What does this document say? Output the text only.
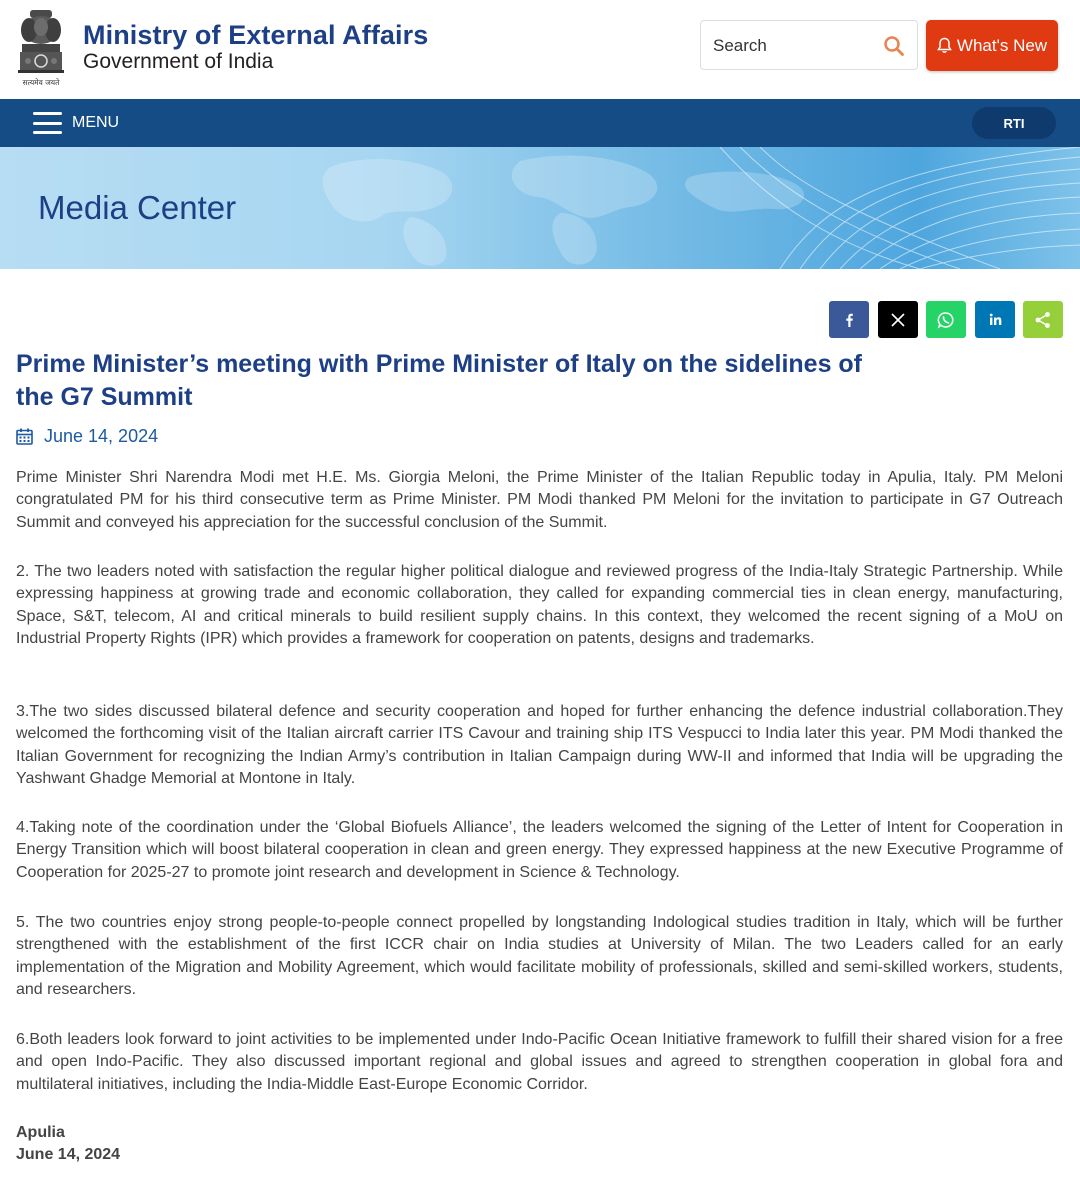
सत्यमेव जयते
Ministry of External Affairs
Government of India
Search
What's New
MENU	RTI
Media Center
Prime Minister’s meeting with Prime Minister of Italy on the sidelines of the G7 Summit
June 14, 2024

Prime Minister Shri Narendra Modi met H.E. Ms. Giorgia Meloni, the Prime Minister of the Italian Republic today in Apulia, Italy. PM Meloni congratulated PM for his third consecutive term as Prime Minister. PM Modi thanked PM Meloni for the invitation to participate in G7 Outreach Summit and conveyed his appreciation for the successful conclusion of the Summit.

2. The two leaders noted with satisfaction the regular higher political dialogue and reviewed progress of the India-Italy Strategic Partnership. While expressing happiness at growing trade and economic collaboration, they called for expanding commercial ties in clean energy, manufacturing, Space, S&T, telecom, AI and critical minerals to build resilient supply chains. In this context, they welcomed the recent signing of a MoU on Industrial Property Rights (IPR) which provides a framework for cooperation on patents, designs and trademarks.

3.The two sides discussed bilateral defence and security cooperation and hoped for further enhancing the defence industrial collaboration.They welcomed the forthcoming visit of the Italian aircraft carrier ITS Cavour and training ship ITS Vespucci to India later this year. PM Modi thanked the Italian Government for recognizing the Indian Army’s contribution in Italian Campaign during WW-II and informed that India will be upgrading the Yashwant Ghadge Memorial at Montone in Italy.

4.Taking note of the coordination under the ‘Global Biofuels Alliance’, the leaders welcomed the signing of the Letter of Intent for Cooperation in Energy Transition which will boost bilateral cooperation in clean and green energy. They expressed happiness at the new Executive Programme of Cooperation for 2025-27 to promote joint research and development in Science & Technology.

5. The two countries enjoy strong people-to-people connect propelled by longstanding Indological studies tradition in Italy, which will be further strengthened with the establishment of the first ICCR chair on India studies at University of Milan. The two Leaders called for an early implementation of the Migration and Mobility Agreement, which would facilitate mobility of professionals, skilled and semi-skilled workers, students, and researchers.

6.Both leaders look forward to joint activities to be implemented under Indo-Pacific Ocean Initiative framework to fulfill their shared vision for a free and open Indo-Pacific. They also discussed important regional and global issues and agreed to strengthen cooperation in global fora and multilateral initiatives, including the India-Middle East-Europe Economic Corridor.

Apulia
June 14, 2024
